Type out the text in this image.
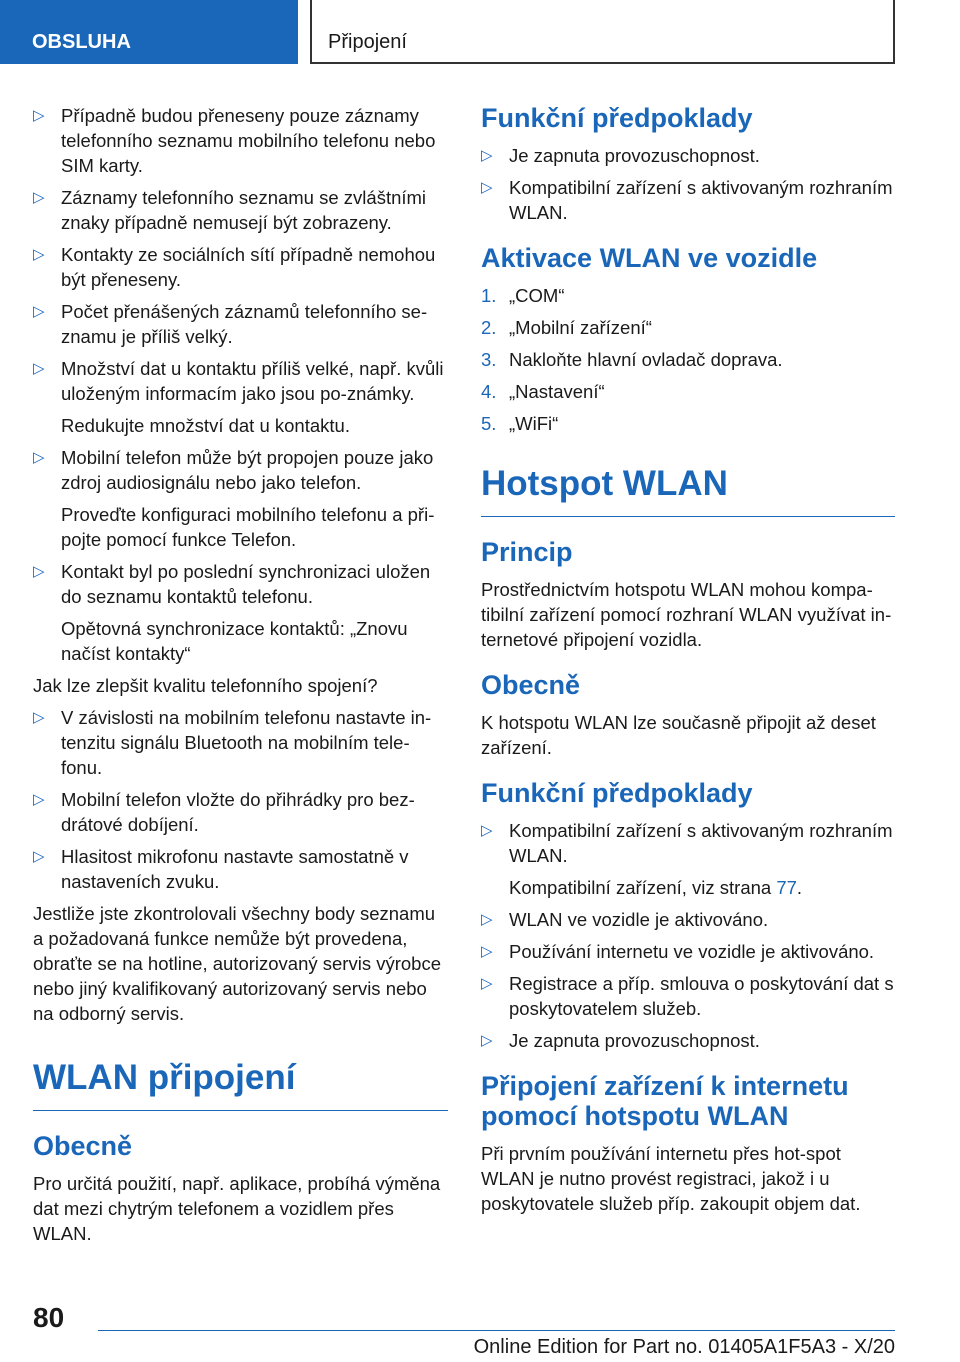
OBSLUHA	Připojení
▷ Případně budou přeneseny pouze záznamy telefonního seznamu mobilního telefonu nebo SIM karty.
▷ Záznamy telefonního seznamu se zvláštními znaky případně nemusejí být zobrazeny.
▷ Kontakty ze sociálních sítí případně nemohou být přeneseny.
▷ Počet přenášených záznamů telefonního se-znamu je příliš velký.
▷ Množství dat u kontaktu příliš velké, např. kvůli uloženým informacím jako jsou po-známky.
Redukujte množství dat u kontaktu.
▷ Mobilní telefon může být propojen pouze jako zdroj audiosignálu nebo jako telefon.
Proveďte konfiguraci mobilního telefonu a při-pojte pomocí funkce Telefon.
▷ Kontakt byl po poslední synchronizaci uložen do seznamu kontaktů telefonu.
Opětovná synchronizace kontaktů: „Znovu načíst kontakty“
Jak lze zlepšit kvalitu telefonního spojení?
▷ V závislosti na mobilním telefonu nastavte in-tenzitu signálu Bluetooth na mobilním tele-fonu.
▷ Mobilní telefon vložte do přihrádky pro bez-drátové dobíjení.
▷ Hlasitost mikrofonu nastavte samostatně v nastaveních zvuku.
Jestliže jste zkontrolovali všechny body seznamu a požadovaná funkce nemůže být provedena, obraťte se na hotline, autorizovaný servis výrobce nebo jiný kvalifikovaný autorizovaný servis nebo na odborný servis.
WLAN připojení
Obecně
Pro určitá použití, např. aplikace, probíhá výměna dat mezi chytrým telefonem a vozidlem přes WLAN.
Funkční předpoklady
▷ Je zapnuta provozuschopnost.
▷ Kompatibilní zařízení s aktivovaným rozhraním WLAN.
Aktivace WLAN ve vozidle
1. „COM“
2. „Mobilní zařízení“
3. Nakloňte hlavní ovladač doprava.
4. „Nastavení“
5. „WiFi“
Hotspot WLAN
Princip
Prostřednictvím hotspotu WLAN mohou kompa-tibilní zařízení pomocí rozhraní WLAN využívat in-ternetové připojení vozidla.
Obecně
K hotspotu WLAN lze současně připojit až deset zařízení.
Funkční předpoklady
▷ Kompatibilní zařízení s aktivovaným rozhraním WLAN.
Kompatibilní zařízení, viz strana 77.
▷ WLAN ve vozidle je aktivováno.
▷ Používání internetu ve vozidle je aktivováno.
▷ Registrace a příp. smlouva o poskytování dat s poskytovatelem služeb.
▷ Je zapnuta provozuschopnost.
Připojení zařízení k internetu pomocí hotspotu WLAN
Při prvním používání internetu přes hot-spot WLAN je nutno provést registraci, jakož i u poskytovatele služeb příp. zakoupit objem dat.
80
Online Edition for Part no. 01405A1F5A3 - X/20
